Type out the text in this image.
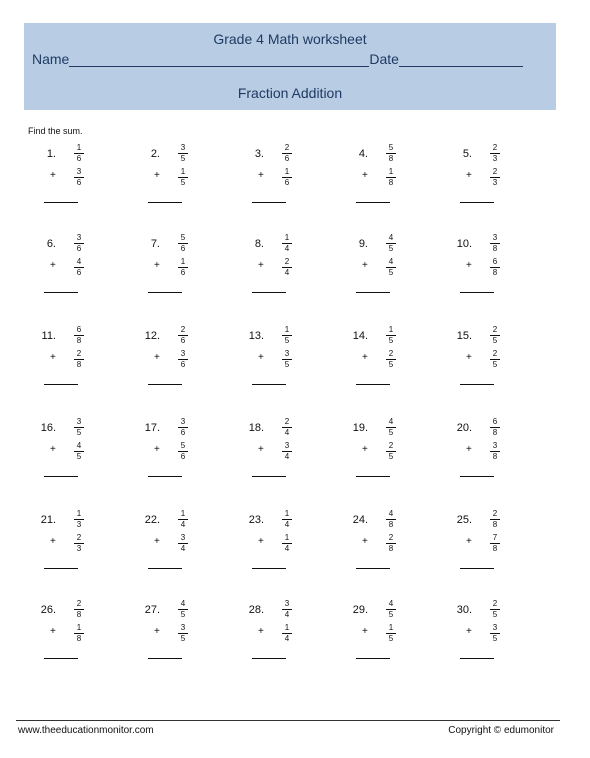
Grade 4 Math worksheet
Name	Date
Fraction Addition
Find the sum.
1.
1
6
3
6
+
2.
3
5
1
5
+
3.
2
6
1
6
+
4.
5
8
1
8
+
5.
2
3
2
3
+
6.
3
6
4
6
+
7.
5
6
1
6
+
8.
1
4
2
4
+
9.
4
5
4
5
+
10.
3
8
6
8
+
11.
6
8
2
8
+
12.
2
6
3
6
+
13.
1
5
3
5
+
14.
1
5
2
5
+
15.
2
5
2
5
+
16.
3
5
4
5
+
17.
3
6
5
6
+
18.
2
4
3
4
+
19.
4
5
2
5
+
20.
6
8
3
8
+
21.
1
3
2
3
+
22.
1
4
3
4
+
23.
1
4
1
4
+
24.
4
8
2
8
+
25.
2
8
7
8
+
26.
2
8
1
8
+
27.
4
5
3
5
+
28.
3
4
1
4
+
29.
4
5
1
5
+
30.
2
5
3
5
+
www.theeducationmonitor.com	Copyright © edumonitor
